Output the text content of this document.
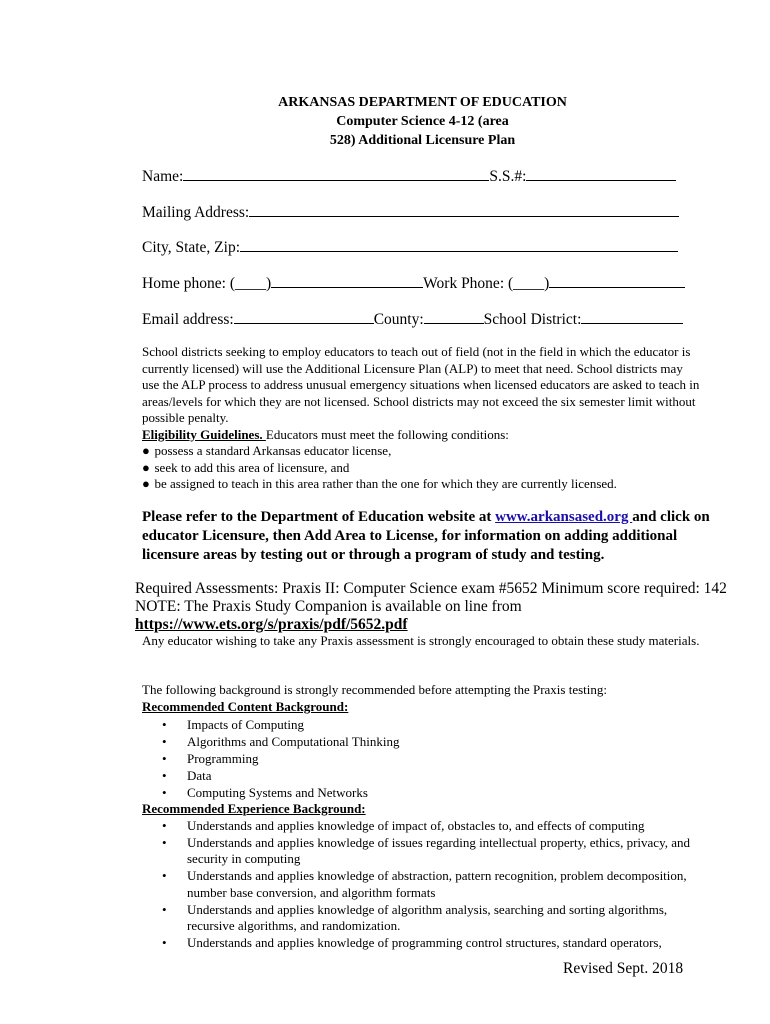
ARKANSAS DEPARTMENT OF EDUCATION
Computer Science 4-12 (area
528) Additional Licensure Plan
Name:	S.S.#:
Mailing Address:
City, State, Zip:
Home phone: (____)	Work Phone: (____)
Email address:	County:	School District:

School districts seeking to employ educators to teach out of field (not in the field in which the educator is currently licensed) will use the Additional Licensure Plan (ALP) to meet that need. School districts may use the ALP process to address unusual emergency situations when licensed educators are asked to teach in areas/levels for which they are not licensed. School districts may not exceed the six semester limit without possible penalty.

Eligibility Guidelines. Educators must meet the following conditions:

● possess a standard Arkansas educator license,

● seek to add this area of licensure, and

● be assigned to teach in this area rather than the one for which they are currently licensed.

Please refer to the Department of Education website at www.arkansased.org and click on educator Licensure, then Add Area to License, for information on adding additional licensure areas by testing out or through a program of study and testing.
Required Assessments: Praxis II: Computer Science exam #5652 Minimum score required: 142
NOTE: The Praxis Study Companion is available on line from
https://www.ets.org/s/praxis/pdf/5652.pdf
Any educator wishing to take any Praxis assessment is strongly encouraged to obtain these study materials.
The following background is strongly recommended before attempting the Praxis testing:
Recommended Content Background:
• Impacts of Computing
• Algorithms and Computational Thinking
• Programming
• Data
• Computing Systems and Networks
Recommended Experience Background:
•	Understands and applies knowledge of impact of, obstacles to, and effects of computing
•	Understands and applies knowledge of issues regarding intellectual property, ethics, privacy, and security in computing
•	Understands and applies knowledge of abstraction, pattern recognition, problem decomposition, number base conversion, and algorithm formats
•	Understands and applies knowledge of algorithm analysis, searching and sorting algorithms, recursive algorithms, and randomization.
•	Understands and applies knowledge of programming control structures, standard operators,
Revised Sept. 2018
